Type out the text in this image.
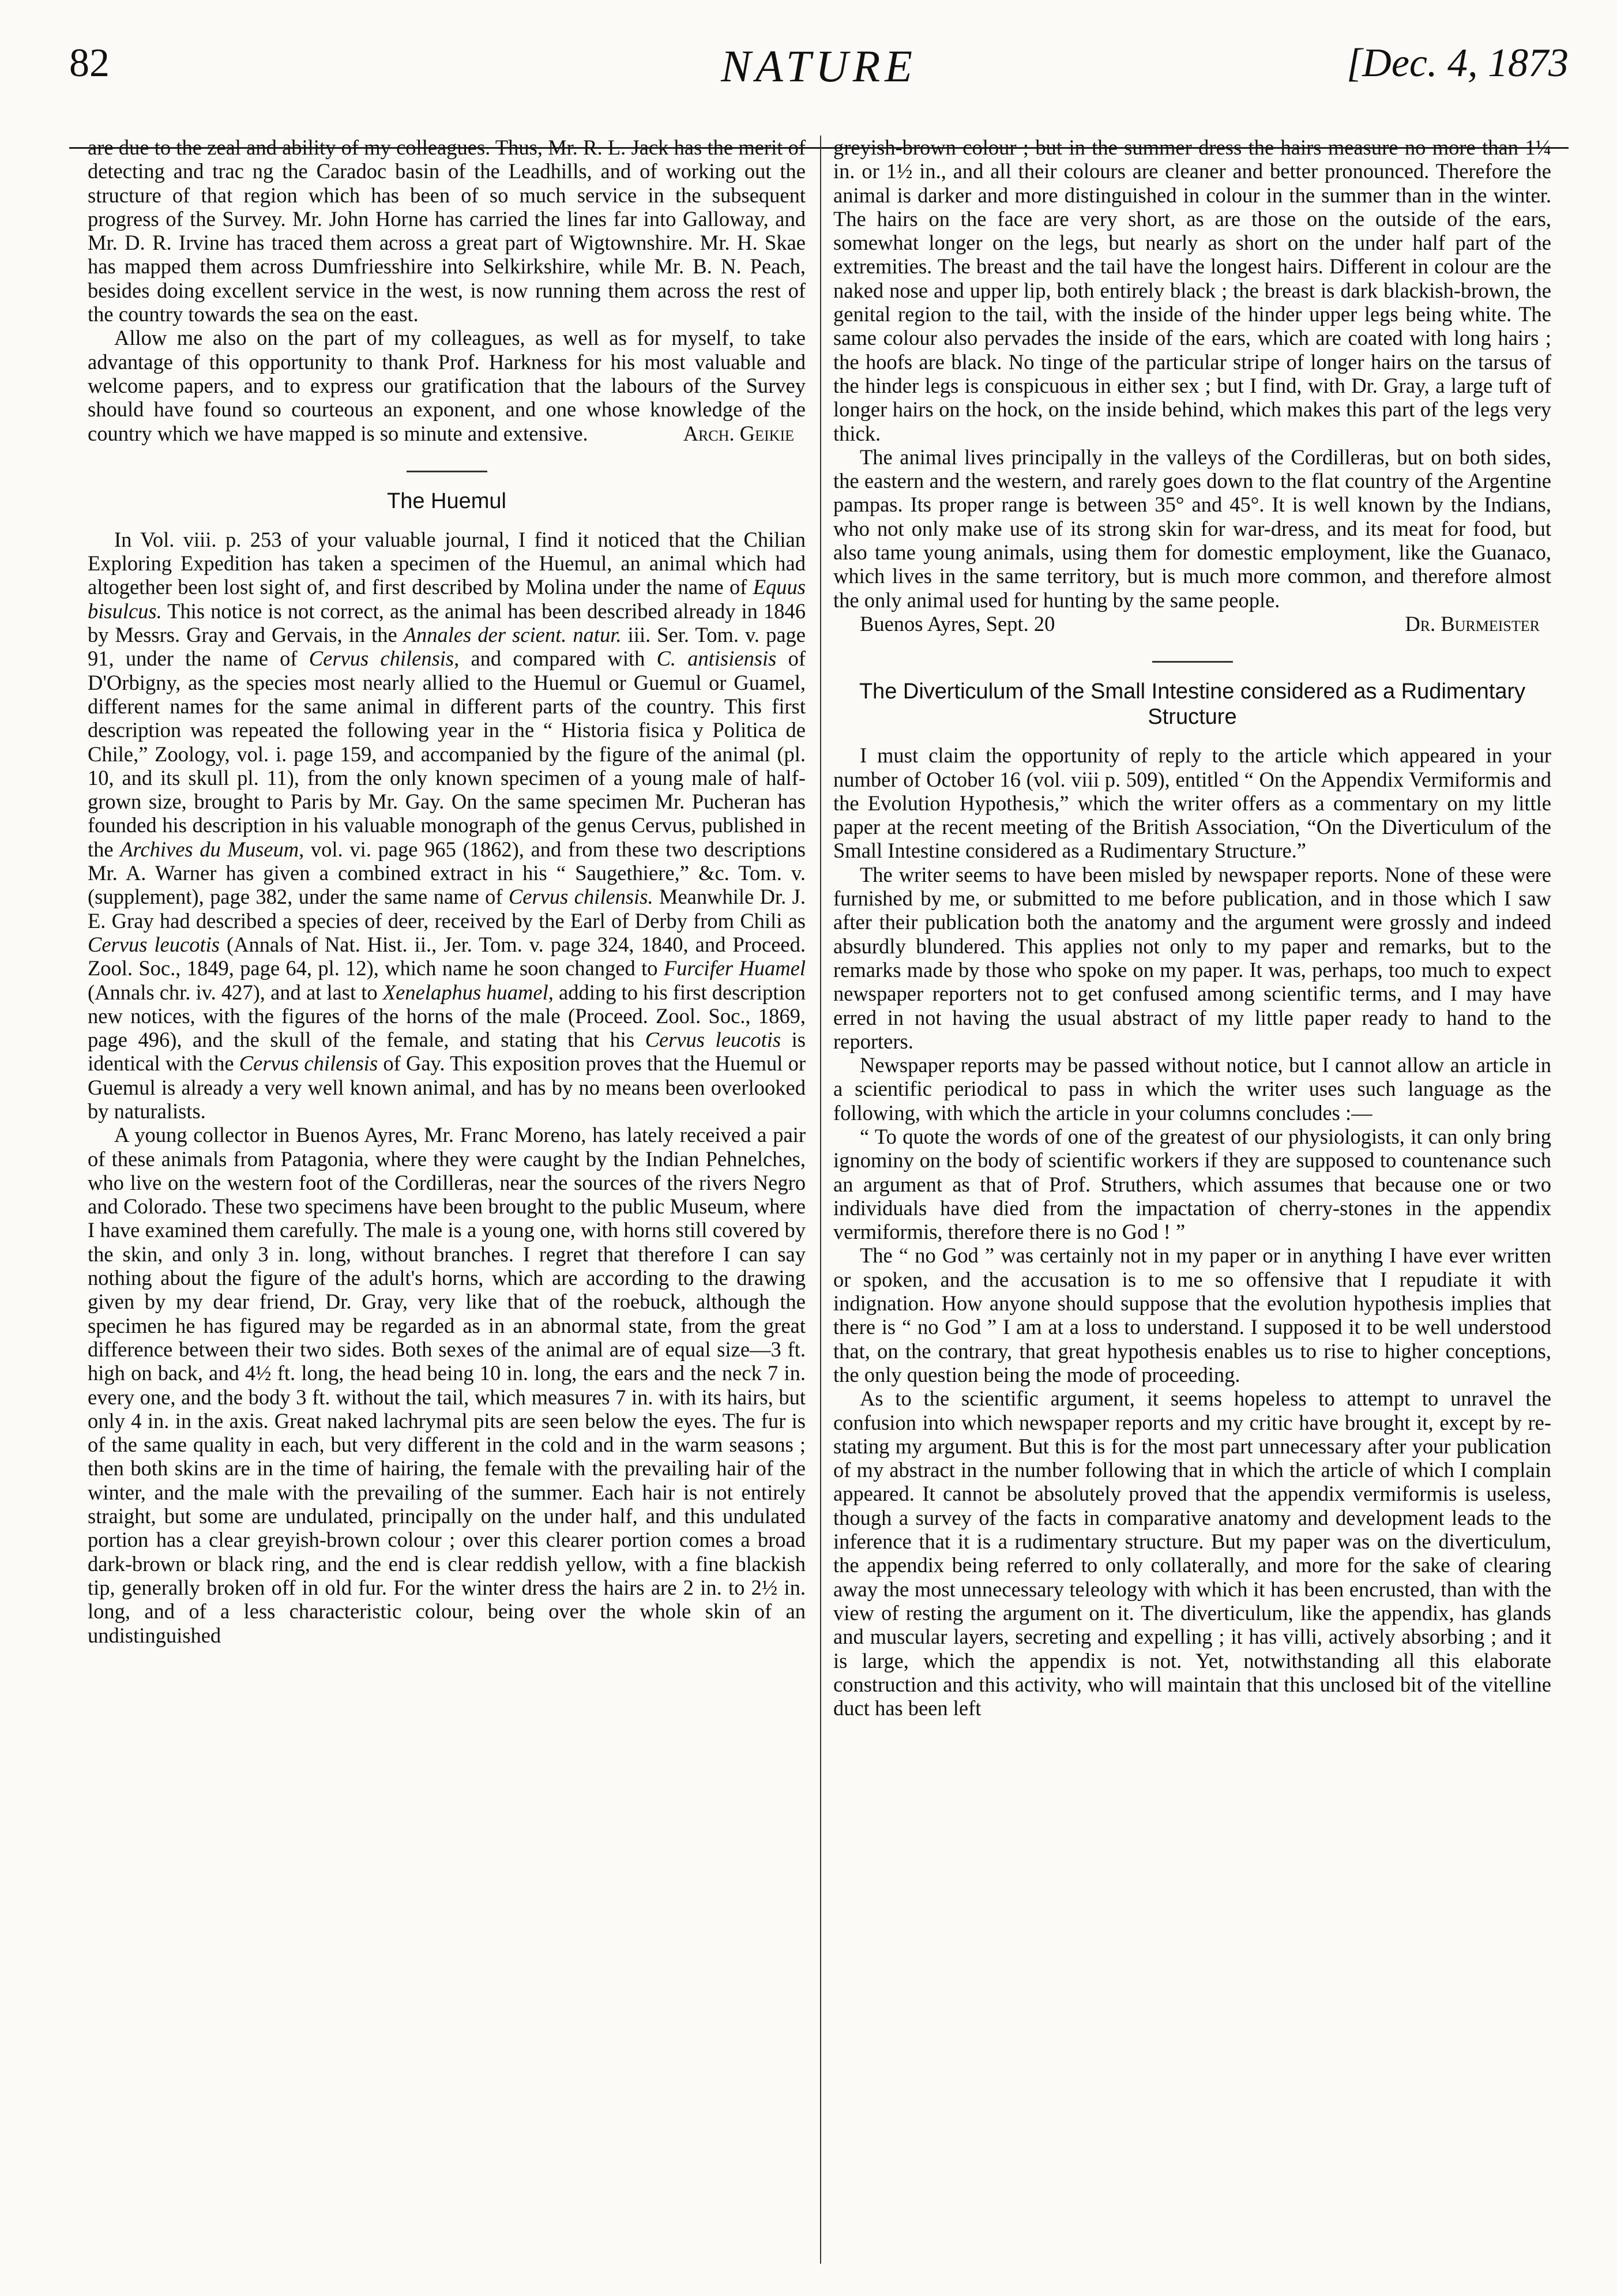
82	NATURE	[Dec. 4, 1873

are due to the zeal and ability of my colleagues. Thus, Mr. R. L. Jack has the merit of detecting and trac ng the Caradoc basin of the Leadhills, and of working out the structure of that region which has been of so much service in the subsequent progress of the Survey. Mr. John Horne has carried the lines far into Galloway, and Mr. D. R. Irvine has traced them across a great part of Wigtownshire. Mr. H. Skae has mapped them across Dumfriesshire into Selkirkshire, while Mr. B. N. Peach, besides doing excellent service in the west, is now running them across the rest of the country towards the sea on the east.

Allow me also on the part of my colleagues, as well as for myself, to take advantage of this opportunity to thank Prof. Harkness for his most valuable and welcome papers, and to express our gratification that the labours of the Survey should have found so courteous an exponent, and one whose knowledge of the country which we have mapped is so minute and extensive.	Arch. Geikie

The Huemul

In Vol. viii. p. 253 of your valuable journal, I find it noticed that the Chilian Exploring Expedition has taken a specimen of the Huemul, an animal which had altogether been lost sight of, and first described by Molina under the name of Equus bisulcus. This notice is not correct, as the animal has been described already in 1846 by Messrs. Gray and Gervais, in the Annales der scient. natur. iii. Ser. Tom. v. page 91, under the name of Cervus chilensis, and compared with C. antisiensis of D'Orbigny, as the species most nearly allied to the Huemul or Guemul or Guamel, different names for the same animal in different parts of the country. This first description was repeated the following year in the “ Historia fisica y Politica de Chile,” Zoology, vol. i. page 159, and accompanied by the figure of the animal (pl. 10, and its skull pl. 11), from the only known specimen of a young male of half-grown size, brought to Paris by Mr. Gay. On the same specimen Mr. Pucheran has founded his description in his valuable monograph of the genus Cervus, published in the Archives du Museum, vol. vi. page 965 (1862), and from these two descriptions Mr. A. Warner has given a combined extract in his “ Saugethiere,” &c. Tom. v. (supplement), page 382, under the same name of Cervus chilensis. Meanwhile Dr. J. E. Gray had described a species of deer, received by the Earl of Derby from Chili as Cervus leucotis (Annals of Nat. Hist. ii., Jer. Tom. v. page 324, 1840, and Proceed. Zool. Soc., 1849, page 64, pl. 12), which name he soon changed to Furcifer Huamel (Annals chr. iv. 427), and at last to Xenelaphus huamel, adding to his first description new notices, with the figures of the horns of the male (Proceed. Zool. Soc., 1869, page 496), and the skull of the female, and stating that his Cervus leucotis is identical with the Cervus chilensis of Gay. This exposition proves that the Huemul or Guemul is already a very well known animal, and has by no means been overlooked by naturalists.

A young collector in Buenos Ayres, Mr. Franc Moreno, has lately received a pair of these animals from Patagonia, where they were caught by the Indian Pehnelches, who live on the western foot of the Cordilleras, near the sources of the rivers Negro and Colorado. These two specimens have been brought to the public Museum, where I have examined them carefully. The male is a young one, with horns still covered by the skin, and only 3 in. long, without branches. I regret that therefore I can say nothing about the figure of the adult's horns, which are according to the drawing given by my dear friend, Dr. Gray, very like that of the roebuck, although the specimen he has figured may be regarded as in an abnormal state, from the great difference between their two sides. Both sexes of the animal are of equal size—3 ft. high on back, and 4½ ft. long, the head being 10 in. long, the ears and the neck 7 in. every one, and the body 3 ft. without the tail, which measures 7 in. with its hairs, but only 4 in. in the axis. Great naked lachrymal pits are seen below the eyes. The fur is of the same quality in each, but very different in the cold and in the warm seasons ; then both skins are in the time of hairing, the female with the prevailing hair of the winter, and the male with the prevailing of the summer. Each hair is not entirely straight, but some are undulated, principally on the under half, and this undulated portion has a clear greyish-brown colour ; over this clearer portion comes a broad dark-brown or black ring, and the end is clear reddish yellow, with a fine blackish tip, generally broken off in old fur. For the winter dress the hairs are 2 in. to 2½ in. long, and of a less characteristic colour, being over the whole skin of an undistinguished

greyish-brown colour ; but in the summer dress the hairs measure no more than 1¼ in. or 1½ in., and all their colours are cleaner and better pronounced. Therefore the animal is darker and more distinguished in colour in the summer than in the winter. The hairs on the face are very short, as are those on the outside of the ears, somewhat longer on the legs, but nearly as short on the under half part of the extremities. The breast and the tail have the longest hairs. Different in colour are the naked nose and upper lip, both entirely black ; the breast is dark blackish-brown, the genital region to the tail, with the inside of the hinder upper legs being white. The same colour also pervades the inside of the ears, which are coated with long hairs ; the hoofs are black. No tinge of the particular stripe of longer hairs on the tarsus of the hinder legs is conspicuous in either sex ; but I find, with Dr. Gray, a large tuft of longer hairs on the hock, on the inside behind, which makes this part of the legs very thick.

The animal lives principally in the valleys of the Cordilleras, but on both sides, the eastern and the western, and rarely goes down to the flat country of the Argentine pampas. Its proper range is between 35° and 45°. It is well known by the Indians, who not only make use of its strong skin for war-dress, and its meat for food, but also tame young animals, using them for domestic employment, like the Guanaco, which lives in the same territory, but is much more common, and therefore almost the only animal used for hunting by the same people.

Buenos Ayres, Sept. 20	Dr. Burmeister
The Diverticulum of the Small Intestine considered as a Rudimentary Structure

I must claim the opportunity of reply to the article which appeared in your number of October 16 (vol. viii p. 509), entitled “ On the Appendix Vermiformis and the Evolution Hypothesis,” which the writer offers as a commentary on my little paper at the recent meeting of the British Association, “On the Diverticulum of the Small Intestine considered as a Rudimentary Structure.”

The writer seems to have been misled by newspaper reports. None of these were furnished by me, or submitted to me before publication, and in those which I saw after their publication both the anatomy and the argument were grossly and indeed absurdly blundered. This applies not only to my paper and remarks, but to the remarks made by those who spoke on my paper. It was, perhaps, too much to expect newspaper reporters not to get confused among scientific terms, and I may have erred in not having the usual abstract of my little paper ready to hand to the reporters.

Newspaper reports may be passed without notice, but I cannot allow an article in a scientific periodical to pass in which the writer uses such language as the following, with which the article in your columns concludes :—

“ To quote the words of one of the greatest of our physiologists, it can only bring ignominy on the body of scientific workers if they are supposed to countenance such an argument as that of Prof. Struthers, which assumes that because one or two individuals have died from the impactation of cherry-stones in the appendix vermiformis, therefore there is no God ! ”

The “ no God ” was certainly not in my paper or in anything I have ever written or spoken, and the accusation is to me so offensive that I repudiate it with indignation. How anyone should suppose that the evolution hypothesis implies that there is “ no God ” I am at a loss to understand. I supposed it to be well understood that, on the contrary, that great hypothesis enables us to rise to higher conceptions, the only question being the mode of proceeding.

As to the scientific argument, it seems hopeless to attempt to unravel the confusion into which newspaper reports and my critic have brought it, except by re-stating my argument. But this is for the most part unnecessary after your publication of my abstract in the number following that in which the article of which I complain appeared. It cannot be absolutely proved that the appendix vermiformis is useless, though a survey of the facts in comparative anatomy and development leads to the inference that it is a rudimentary structure. But my paper was on the diverticulum, the appendix being referred to only collaterally, and more for the sake of clearing away the most unnecessary teleology with which it has been encrusted, than with the view of resting the argument on it. The diverticulum, like the appendix, has glands and muscular layers, secreting and expelling ; it has villi, actively absorbing ; and it is large, which the appendix is not. Yet, notwithstanding all this elaborate construction and this activity, who will maintain that this unclosed bit of the vitelline duct has been left
